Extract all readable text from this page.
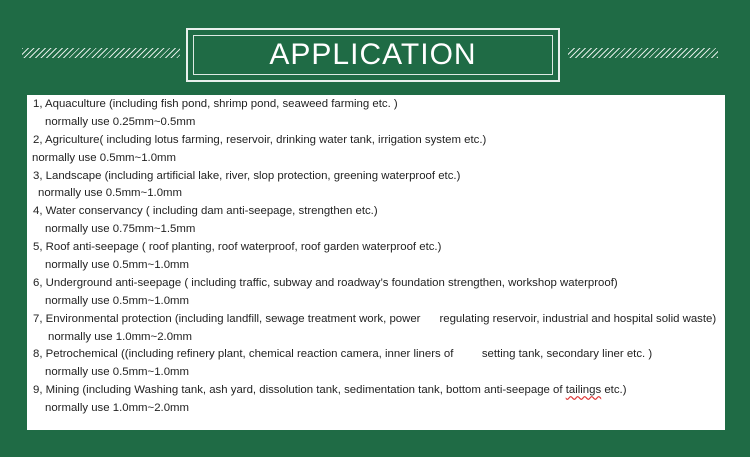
APPLICATION
1, Aquaculture (including fish pond, shrimp pond, seaweed farming etc. )
normally use 0.25mm~0.5mm
2, Agriculture( including lotus farming, reservoir, drinking water tank, irrigation system etc.)
normally use 0.5mm~1.0mm
3, Landscape (including artificial lake, river, slop protection, greening waterproof etc.)
normally use 0.5mm~1.0mm
4, Water conservancy ( including dam anti-seepage, strengthen etc.)
normally use 0.75mm~1.5mm
5, Roof anti-seepage ( roof planting, roof waterproof, roof garden waterproof etc.)
normally use 0.5mm~1.0mm
6, Underground anti-seepage ( including traffic, subway and roadway’s foundation strengthen, workshop waterproof)
normally use 0.5mm~1.0mm
7, Environmental protection (including landfill, sewage treatment work, power      regulating reservoir, industrial and hospital solid waste)
normally use 1.0mm~2.0mm
8, Petrochemical ((including refinery plant, chemical reaction camera, inner liners of         setting tank, secondary liner etc. )
normally use 0.5mm~1.0mm
9, Mining (including Washing tank, ash yard, dissolution tank, sedimentation tank, bottom anti-seepage of tailings etc.)
normally use 1.0mm~2.0mm
